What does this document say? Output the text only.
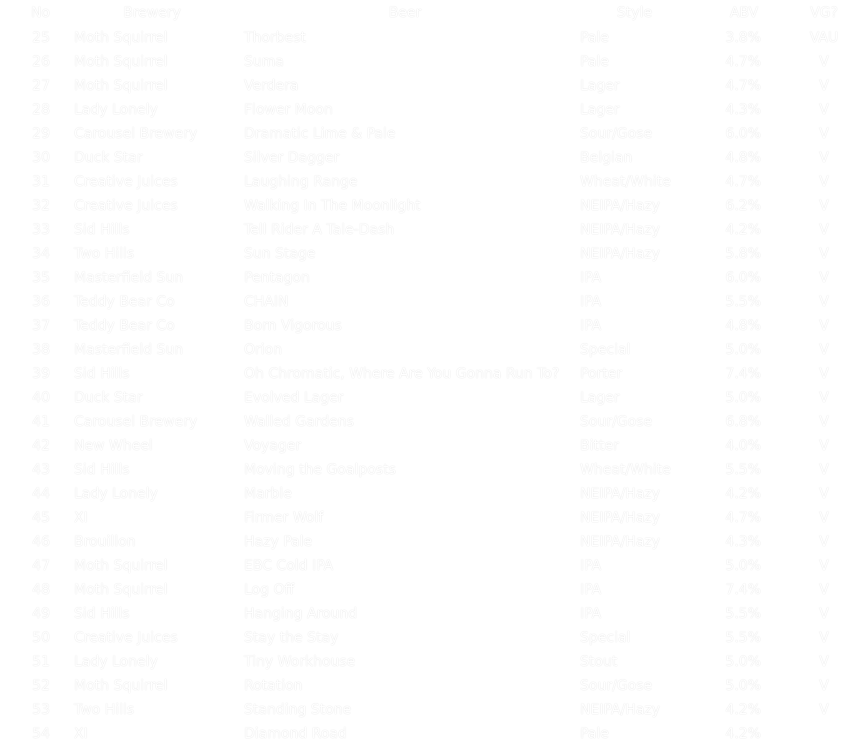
No	Brewery	Beer	Style	ABV	VG?
25	Moth Squirrel	Thorbest	Pale	3.8%	VAU
26	Moth Squirrel	Suma	Pale	4.7%	V
27	Moth Squirrel	Verdera	Lager	4.7%	V
28	Lady Lonely	Flower Moon	Lager	4.3%	V
29	Carousel Brewery	Dramatic Lime & Pale	Sour/Gose	6.0%	V
30	Duck Star	Silver Dagger	Belgian	4.8%	V
31	Creative Juices	Laughing Range	Wheat/White	4.7%	V
32	Creative Juices	Walking In The Moonlight	NEIPA/Hazy	6.2%	V
33	Sid Hills	Tell Rider A Tale-Dash	NEIPA/Hazy	4.2%	V
34	Two Hills	Sun Stage	NEIPA/Hazy	5.8%	V
35	Masterfield Sun	Pentagon	IPA	6.0%	V
36	Teddy Bear Co	CHAIN	IPA	5.5%	V
37	Teddy Bear Co	Born Vigorous	IPA	4.8%	V
38	Masterfield Sun	Orion	Special	5.0%	V
39	Sid Hills	Oh Chromatic, Where Are You Gonna Run To?	Porter	7.4%	V
40	Duck Star	Evolved Lager	Lager	5.0%	V
41	Carousel Brewery	Walled Gardens	Sour/Gose	6.8%	V
42	New Wheel	Voyager	Bitter	4.0%	V
43	Sid Hills	Moving the Goalposts	Wheat/White	5.5%	V
44	Lady Lonely	Marble	NEIPA/Hazy	4.2%	V
45	XI	Firmer Wolf	NEIPA/Hazy	4.7%	V
46	Brouillon	Hazy Pale	NEIPA/Hazy	4.3%	V
47	Moth Squirrel	EBC Cold IPA	IPA	5.0%	V
48	Moth Squirrel	Log Off	IPA	7.4%	V
49	Sid Hills	Hanging Around	IPA	5.5%	V
50	Creative Juices	Stay the Stay	Special	5.5%	V
51	Lady Lonely	Tiny Workhouse	Stout	5.0%	V
52	Moth Squirrel	Rotation	Sour/Gose	5.0%	V
53	Two Hills	Standing Stone	NEIPA/Hazy	4.2%	V
54	XI	Diamond Road	Pale	4.2%	
